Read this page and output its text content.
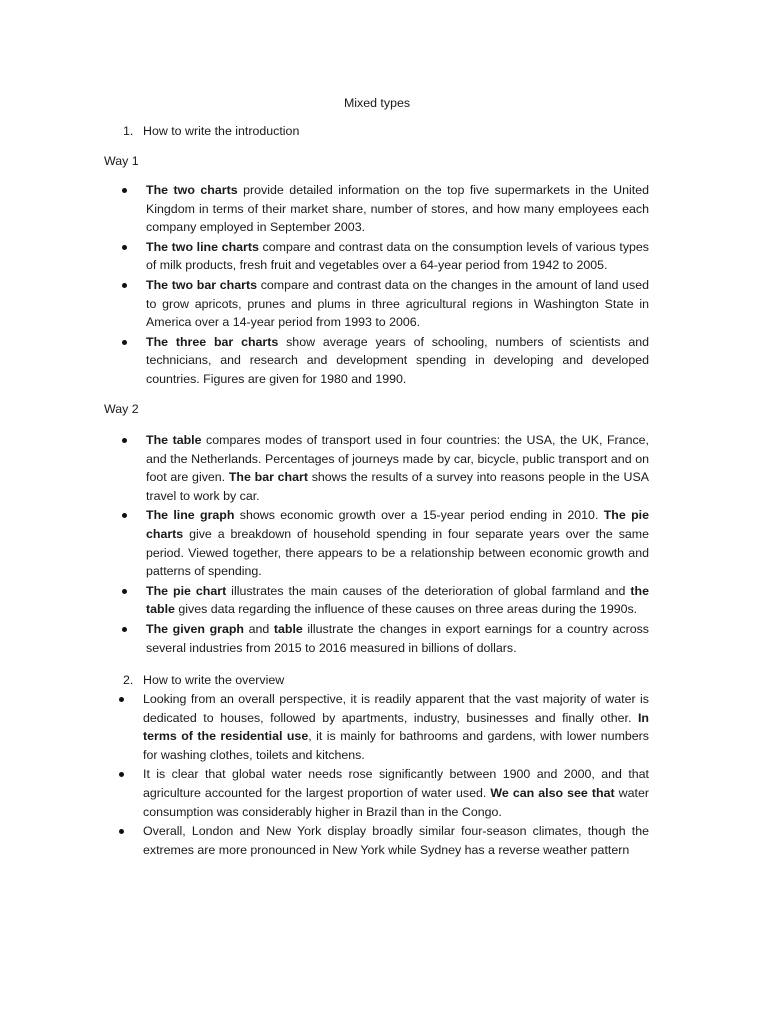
Mixed types
1. How to write the introduction
Way 1
The two charts provide detailed information on the top five supermarkets in the United Kingdom in terms of their market share, number of stores, and how many employees each company employed in September 2003.
The two line charts compare and contrast data on the consumption levels of various types of milk products, fresh fruit and vegetables over a 64-year period from 1942 to 2005.
The two bar charts compare and contrast data on the changes in the amount of land used to grow apricots, prunes and plums in three agricultural regions in Washington State in America over a 14-year period from 1993 to 2006.
The three bar charts show average years of schooling, numbers of scientists and technicians, and research and development spending in developing and developed countries. Figures are given for 1980 and 1990.
Way 2
The table compares modes of transport used in four countries: the USA, the UK, France, and the Netherlands. Percentages of journeys made by car, bicycle, public transport and on foot are given. The bar chart shows the results of a survey into reasons people in the USA travel to work by car.
The line graph shows economic growth over a 15-year period ending in 2010. The pie charts give a breakdown of household spending in four separate years over the same period. Viewed together, there appears to be a relationship between economic growth and patterns of spending.
The pie chart illustrates the main causes of the deterioration of global farmland and the table gives data regarding the influence of these causes on three areas during the 1990s.
The given graph and table illustrate the changes in export earnings for a country across several industries from 2015 to 2016 measured in billions of dollars.
2. How to write the overview
Looking from an overall perspective, it is readily apparent that the vast majority of water is dedicated to houses, followed by apartments, industry, businesses and finally other. In terms of the residential use, it is mainly for bathrooms and gardens, with lower numbers for washing clothes, toilets and kitchens.
It is clear that global water needs rose significantly between 1900 and 2000, and that agriculture accounted for the largest proportion of water used. We can also see that water consumption was considerably higher in Brazil than in the Congo.
Overall, London and New York display broadly similar four-season climates, though the extremes are more pronounced in New York while Sydney has a reverse weather pattern
